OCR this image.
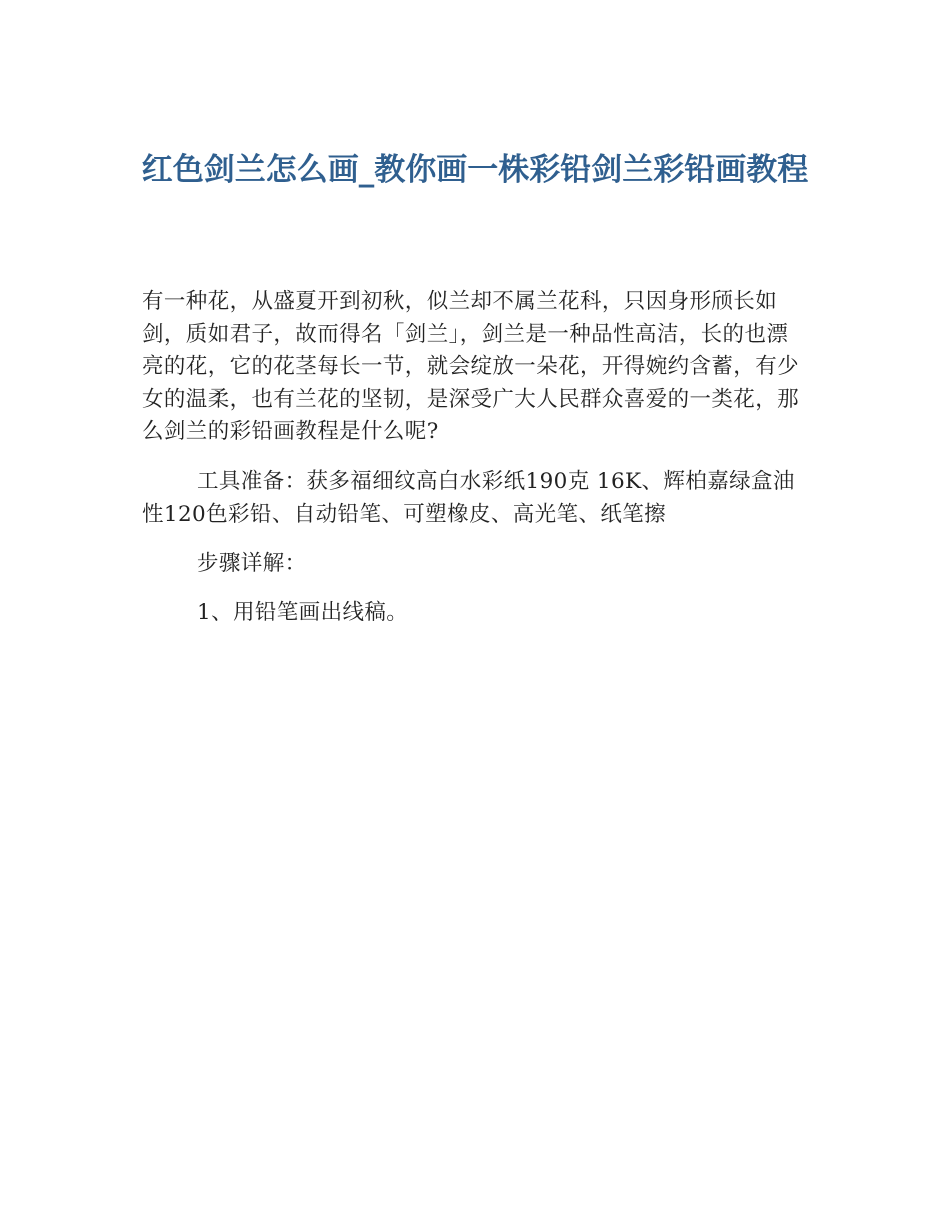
红色剑兰怎么画_教你画一株彩铅剑兰彩铅画教程

有一种花，从盛夏开到初秋，似兰却不属兰花科，只因身形颀长如剑，质如君子，故而得名「剑兰」，剑兰是一种品性高洁，长的也漂亮的花，它的花茎每长一节，就会绽放一朵花，开得婉约含蓄，有少女的温柔，也有兰花的坚韧，是深受广大人民群众喜爱的一类花，那么剑兰的彩铅画教程是什么呢?

工具准备：获多福细纹高白水彩纸190克 16K、辉柏嘉绿盒油性120色彩铅、自动铅笔、可塑橡皮、高光笔、纸笔擦

步骤详解：

1、用铅笔画出线稿。
